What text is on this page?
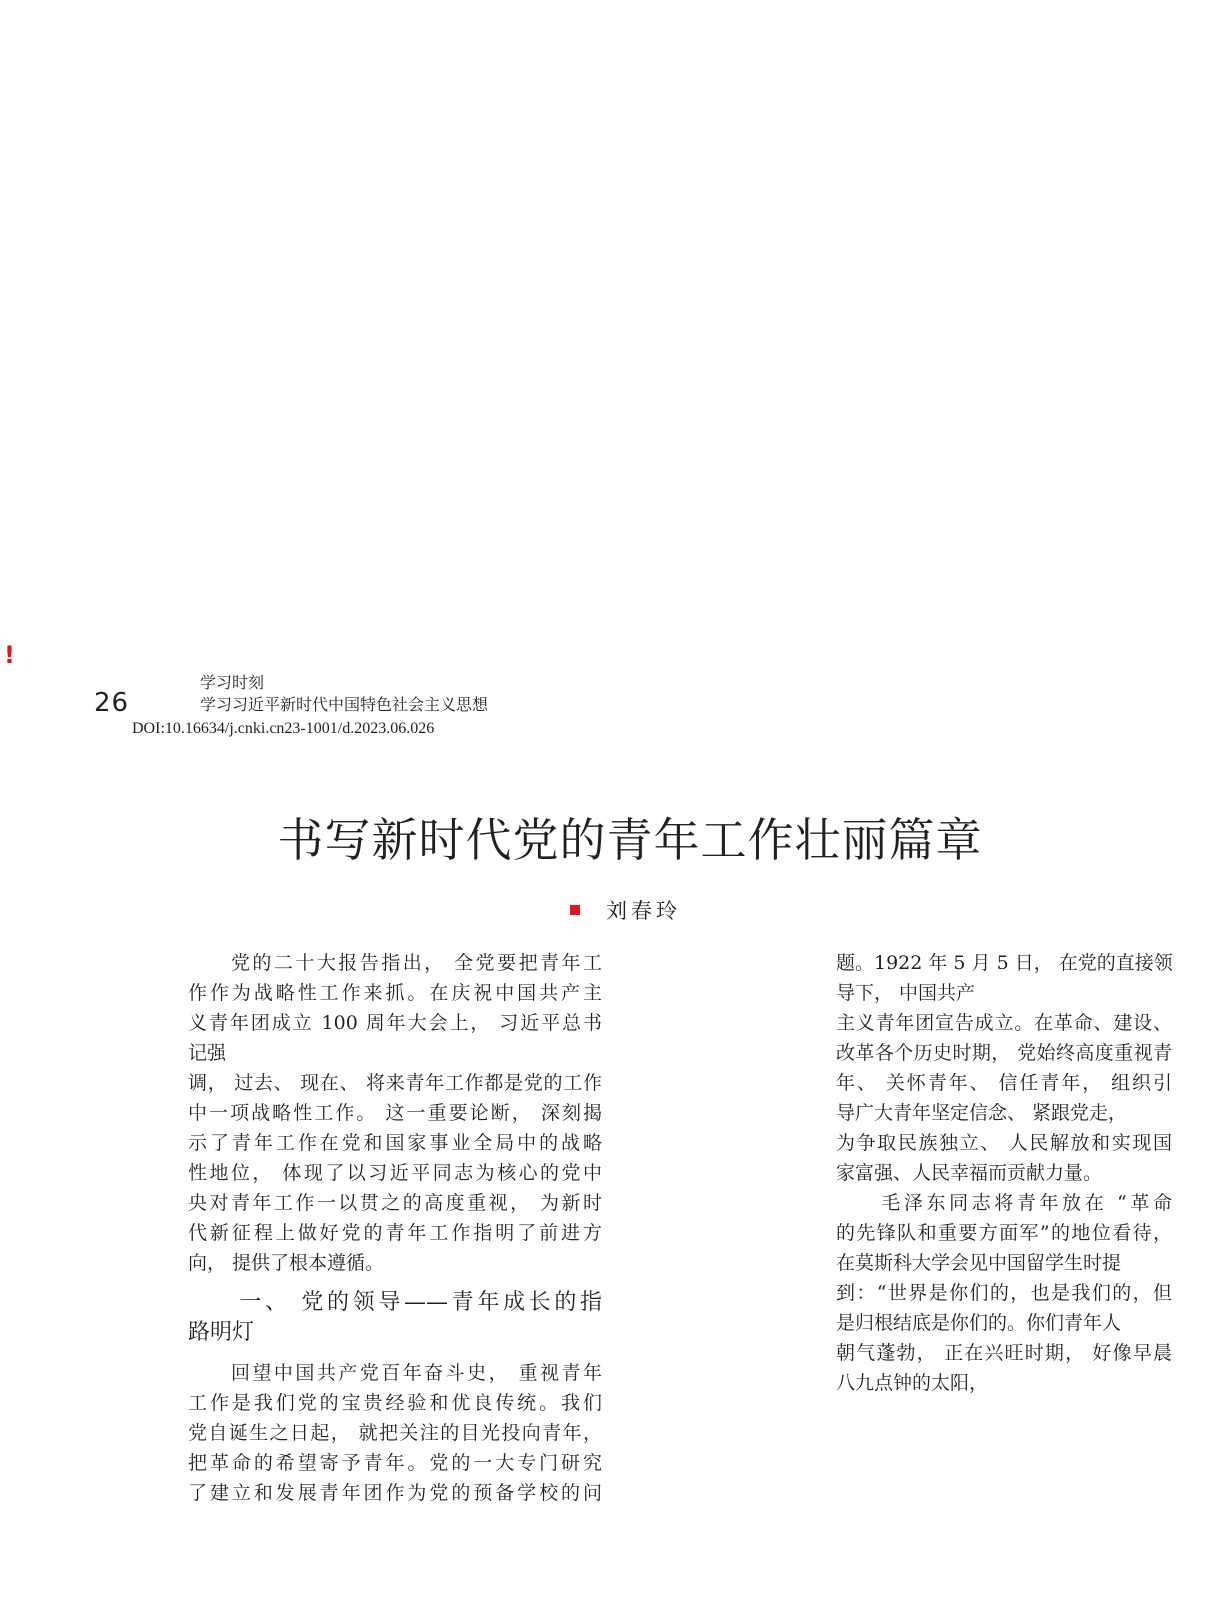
!
26
学习时刻
学习习近平新时代中国特色社会主义思想
DOI:10.16634/j.cnki.cn23-1001/d.2023.06.026
书写新时代党的青年工作壮丽篇章
刘春玲
　　党的二十大报告指出， 全党要把青年工
作作为战略性工作来抓。在庆祝中国共产主
义青年团成立 100 周年大会上， 习近平总书
记强
调， 过去、 现在、 将来青年工作都是党的工作
中一项战略性工作。 这一重要论断， 深刻揭
示了青年工作在党和国家事业全局中的战略
性地位， 体现了以习近平同志为核心的党中
央对青年工作一以贯之的高度重视， 为新时
代新征程上做好党的青年工作指明了前进方
向， 提供了根本遵循。
　　一、 党的领导——青年成长的指
路明灯
　　回望中国共产党百年奋斗史， 重视青年
工作是我们党的宝贵经验和优良传统。我们
党自诞生之日起， 就把关注的目光投向青年，
把革命的希望寄予青年。党的一大专门研究
了建立和发展青年团作为党的预备学校的问
题。1922 年 5 月 5 日， 在党的直接领
导下， 中国共产
主义青年团宣告成立。在革命、建设、
改革各个历史时期， 党始终高度重视青
年、 关怀青年、 信任青年， 组织引
导广大青年坚定信念、 紧跟党走，
为争取民族独立、 人民解放和实现国
家富强、人民幸福而贡献力量。
　　毛泽东同志将青年放在 “革命
的先锋队和重要方面军”的地位看待，
在莫斯科大学会见中国留学生时提
到：“世界是你们的，也是我们的，但
是归根结底是你们的。你们青年人
朝气蓬勃， 正在兴旺时期， 好像早晨
八九点钟的太阳，
